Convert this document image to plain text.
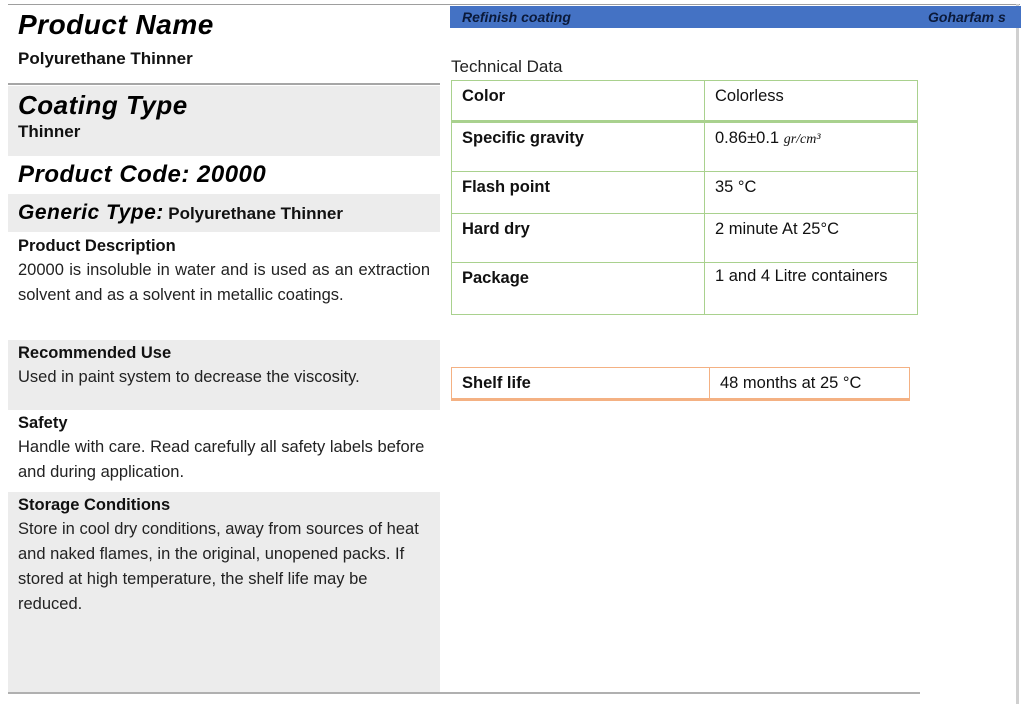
Refinish coating	Goharfam s
Product Name
Polyurethane Thinner
Coating Type
Thinner
Product Code: 20000
Generic Type: Polyurethane Thinner
Product Description
20000 is insoluble in water and is used as an extraction solvent and as a solvent in metallic coatings.
Recommended Use
Used in paint system to decrease the viscosity.
Safety
Handle with care. Read carefully all safety labels before and during application.
Storage Conditions
Store in cool dry conditions, away from sources of heat and naked flames, in the original, unopened packs. If stored at high temperature, the shelf life may be reduced.
Technical Data
Color	Colorless
Specific gravity	0.86±0.1 gr/cm³
Flash point	35 °C
Hard dry	2 minute At 25°C
Package	1 and 4 Litre containers
Shelf life	48 months at 25 °C
